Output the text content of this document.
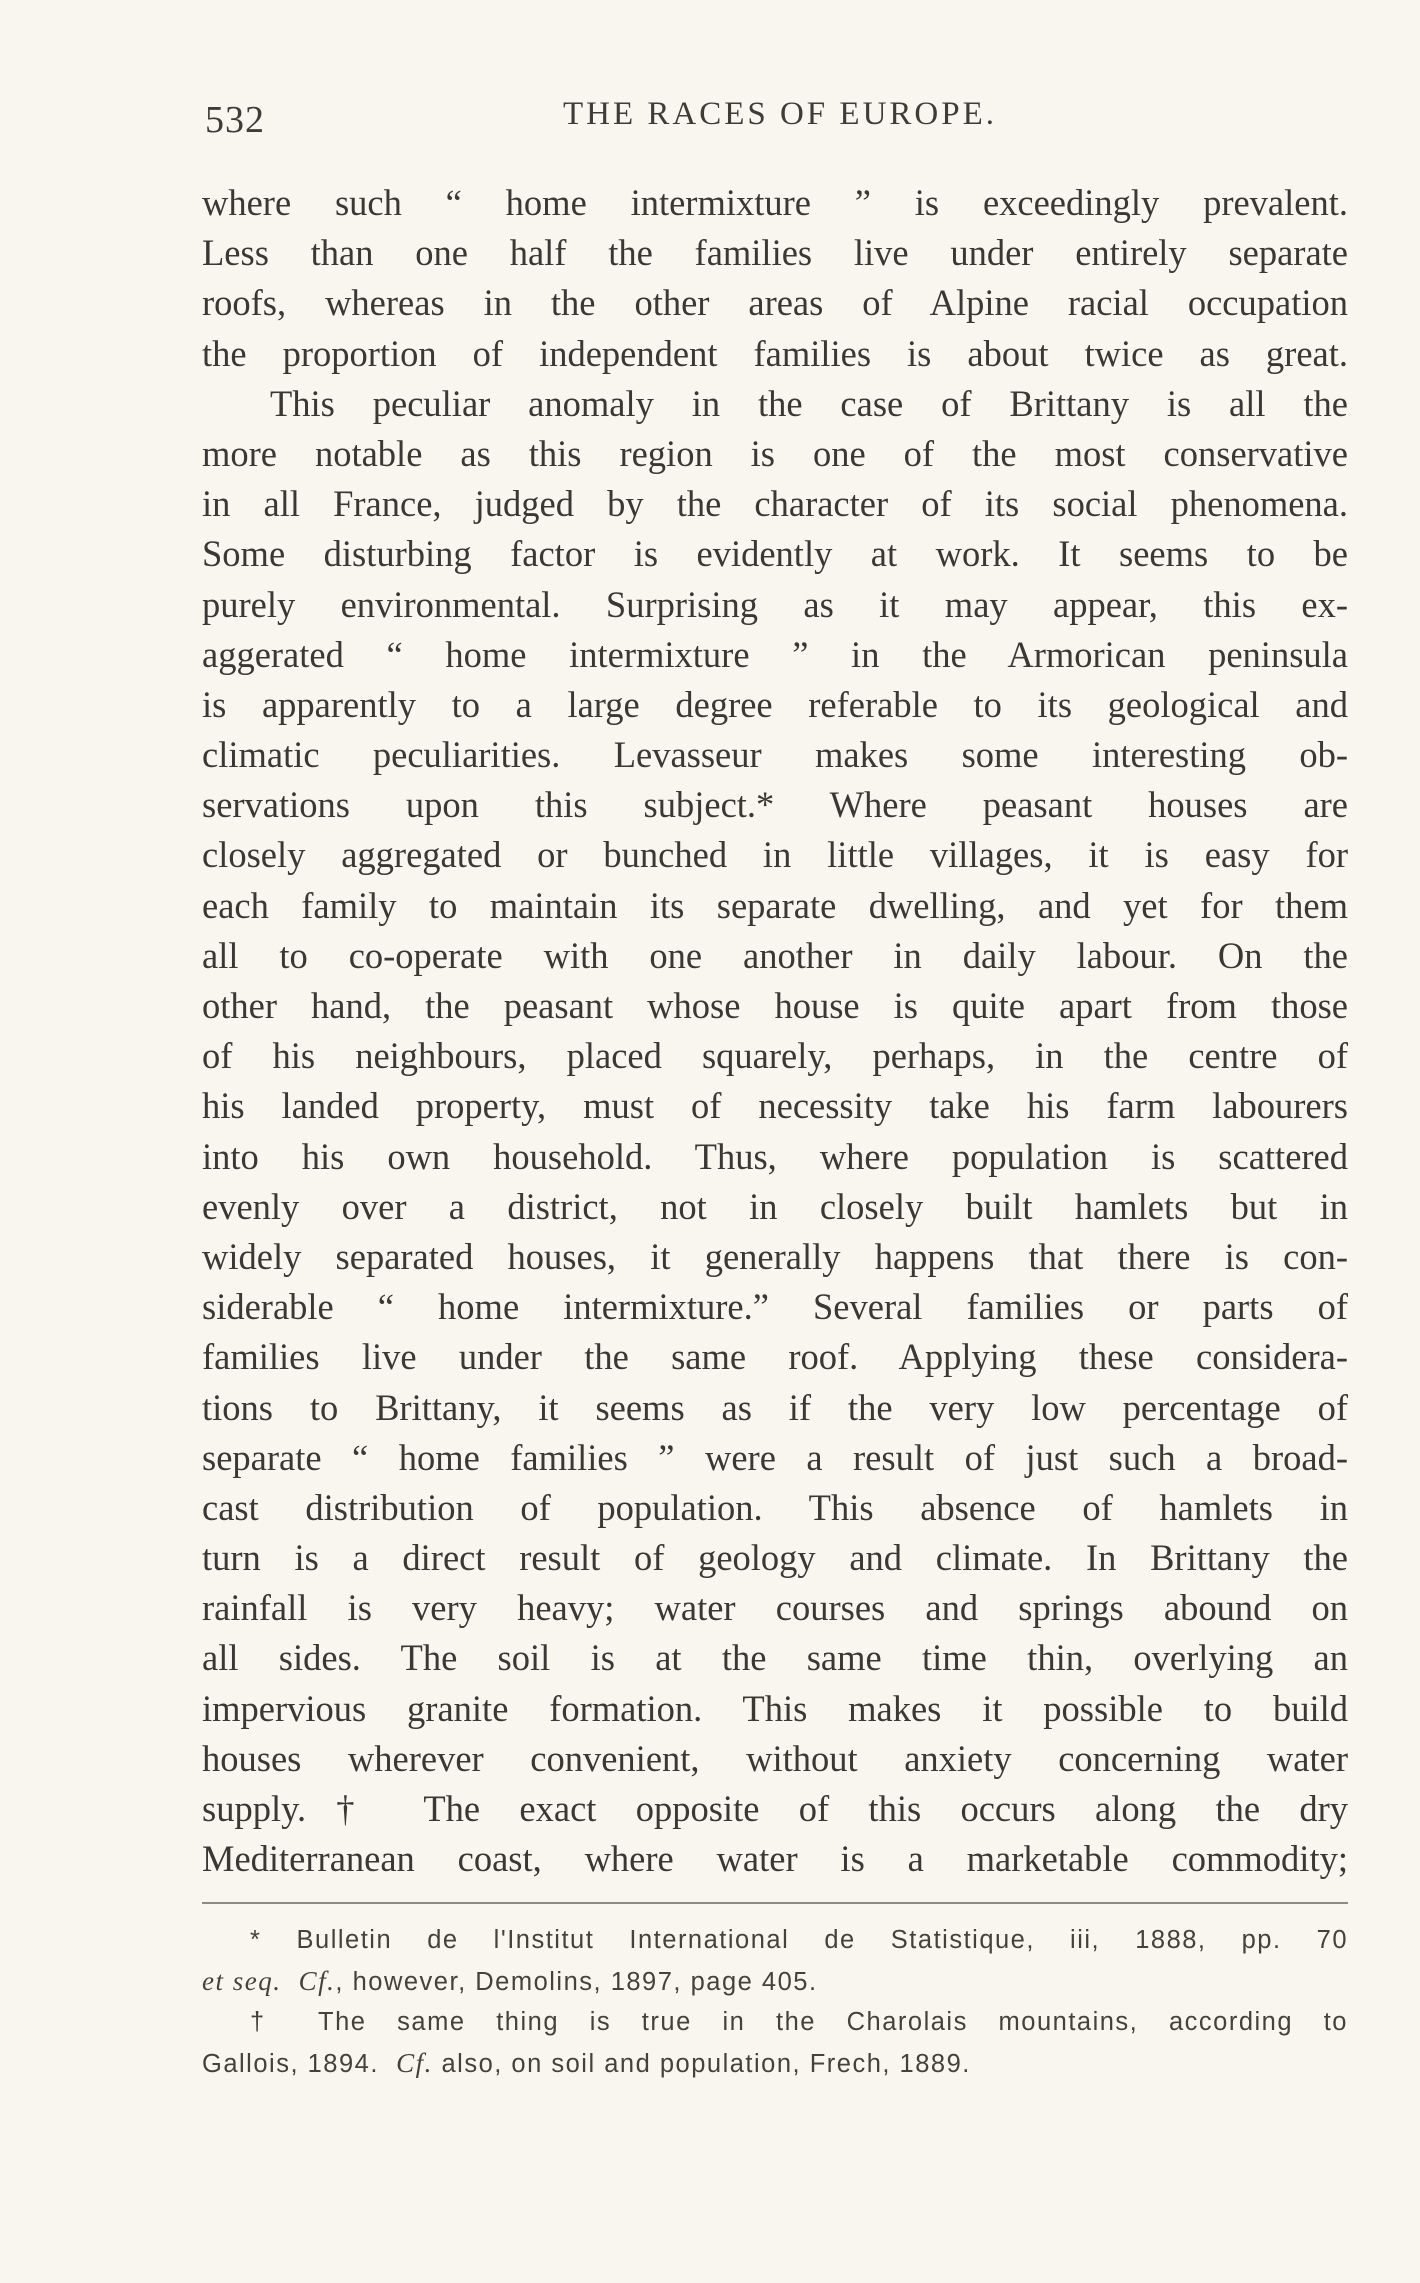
532	THE RACES OF EUROPE.
where such “ home intermixture ” is exceedingly prevalent.
Less than one half the families live under entirely separate
roofs, whereas in the other areas of Alpine racial occupation
the proportion of independent families is about twice as great.
This peculiar anomaly in the case of Brittany is all the
more notable as this region is one of the most conservative
in all France, judged by the character of its social phenomena.
Some disturbing factor is evidently at work. It seems to be
purely environmental. Surprising as it may appear, this ex-
aggerated “ home intermixture ” in the Armorican peninsula
is apparently to a large degree referable to its geological and
climatic peculiarities. Levasseur makes some interesting ob-
servations upon this subject.* Where peasant houses are
closely aggregated or bunched in little villages, it is easy for
each family to maintain its separate dwelling, and yet for them
all to co-operate with one another in daily labour. On the
other hand, the peasant whose house is quite apart from those
of his neighbours, placed squarely, perhaps, in the centre of
his landed property, must of necessity take his farm labourers
into his own household. Thus, where population is scattered
evenly over a district, not in closely built hamlets but in
widely separated houses, it generally happens that there is con-
siderable “ home intermixture.” Several families or parts of
families live under the same roof. Applying these considera-
tions to Brittany, it seems as if the very low percentage of
separate “ home families ” were a result of just such a broad-
cast distribution of population. This absence of hamlets in
turn is a direct result of geology and climate. In Brittany the
rainfall is very heavy; water courses and springs abound on
all sides. The soil is at the same time thin, overlying an
impervious granite formation. This makes it possible to build
houses wherever convenient, without anxiety concerning water
supply.† The exact opposite of this occurs along the dry
Mediterranean coast, where water is a marketable commodity;
* Bulletin de l'Institut International de Statistique, iii, 1888, pp. 70
et seq. Cf., however, Demolins, 1897, page 405.
† The same thing is true in the Charolais mountains, according to
Gallois, 1894. Cf. also, on soil and population, Frech, 1889.
